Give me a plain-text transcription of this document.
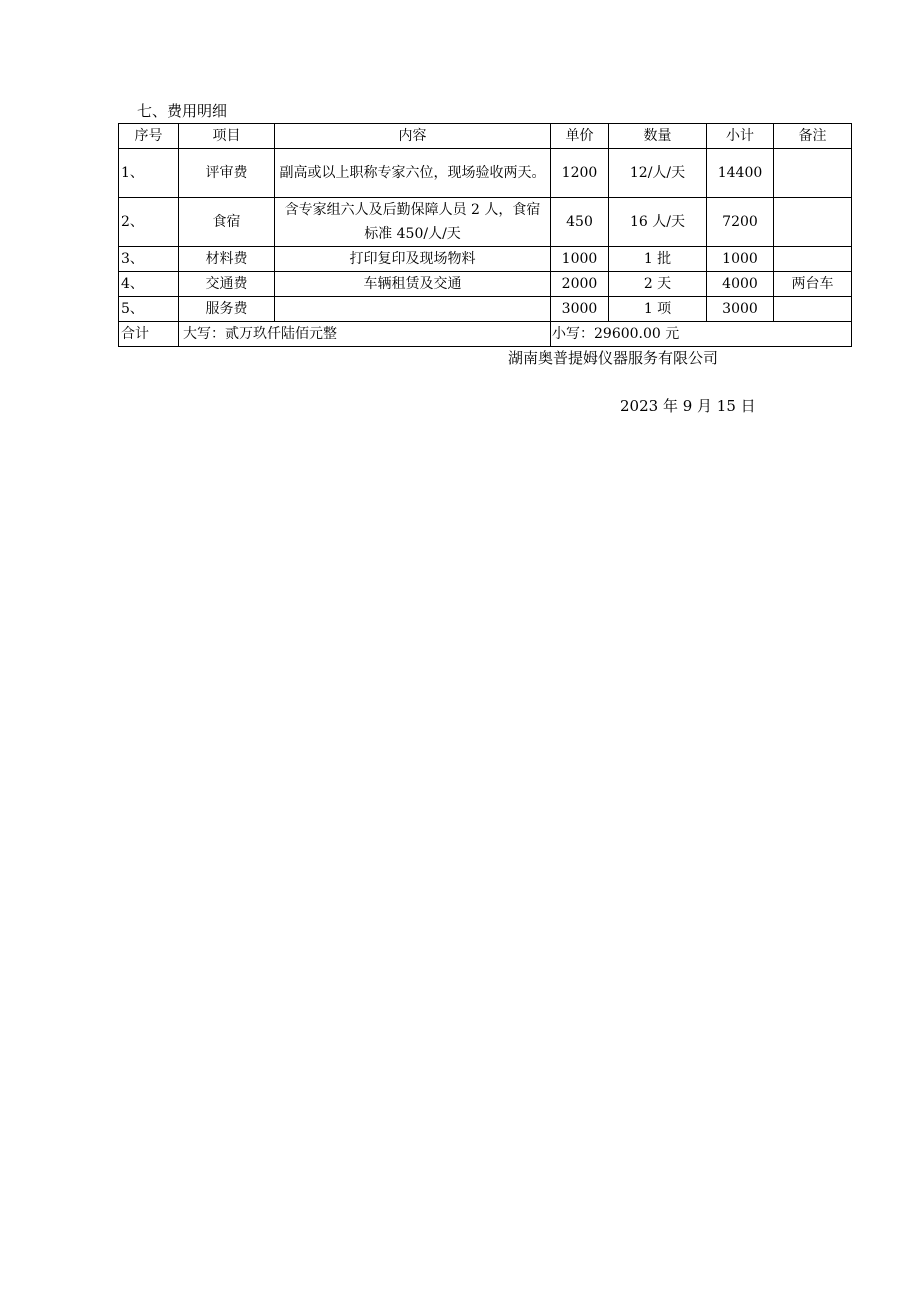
七、费用明细
序号	项目	内容	单价	数量	小计	备注
1、	评审费	副高或以上职称专家六位，现场验收两天。	1200	12/人/天	14400	
2、	食宿	含专家组六人及后勤保障人员 2 人，食宿标准 450/人/天	450	16 人/天	7200	
3、	材料费	打印复印及现场物料	1000	1 批	1000	
4、	交通费	车辆租赁及交通	2000	2 天	4000	两台车
5、	服务费		3000	1 项	3000	
合计	大写：贰万玖仟陆佰元整		小写：29600.00 元			
湖南奥普提姆仪器服务有限公司
2023 年 9 月 15 日
